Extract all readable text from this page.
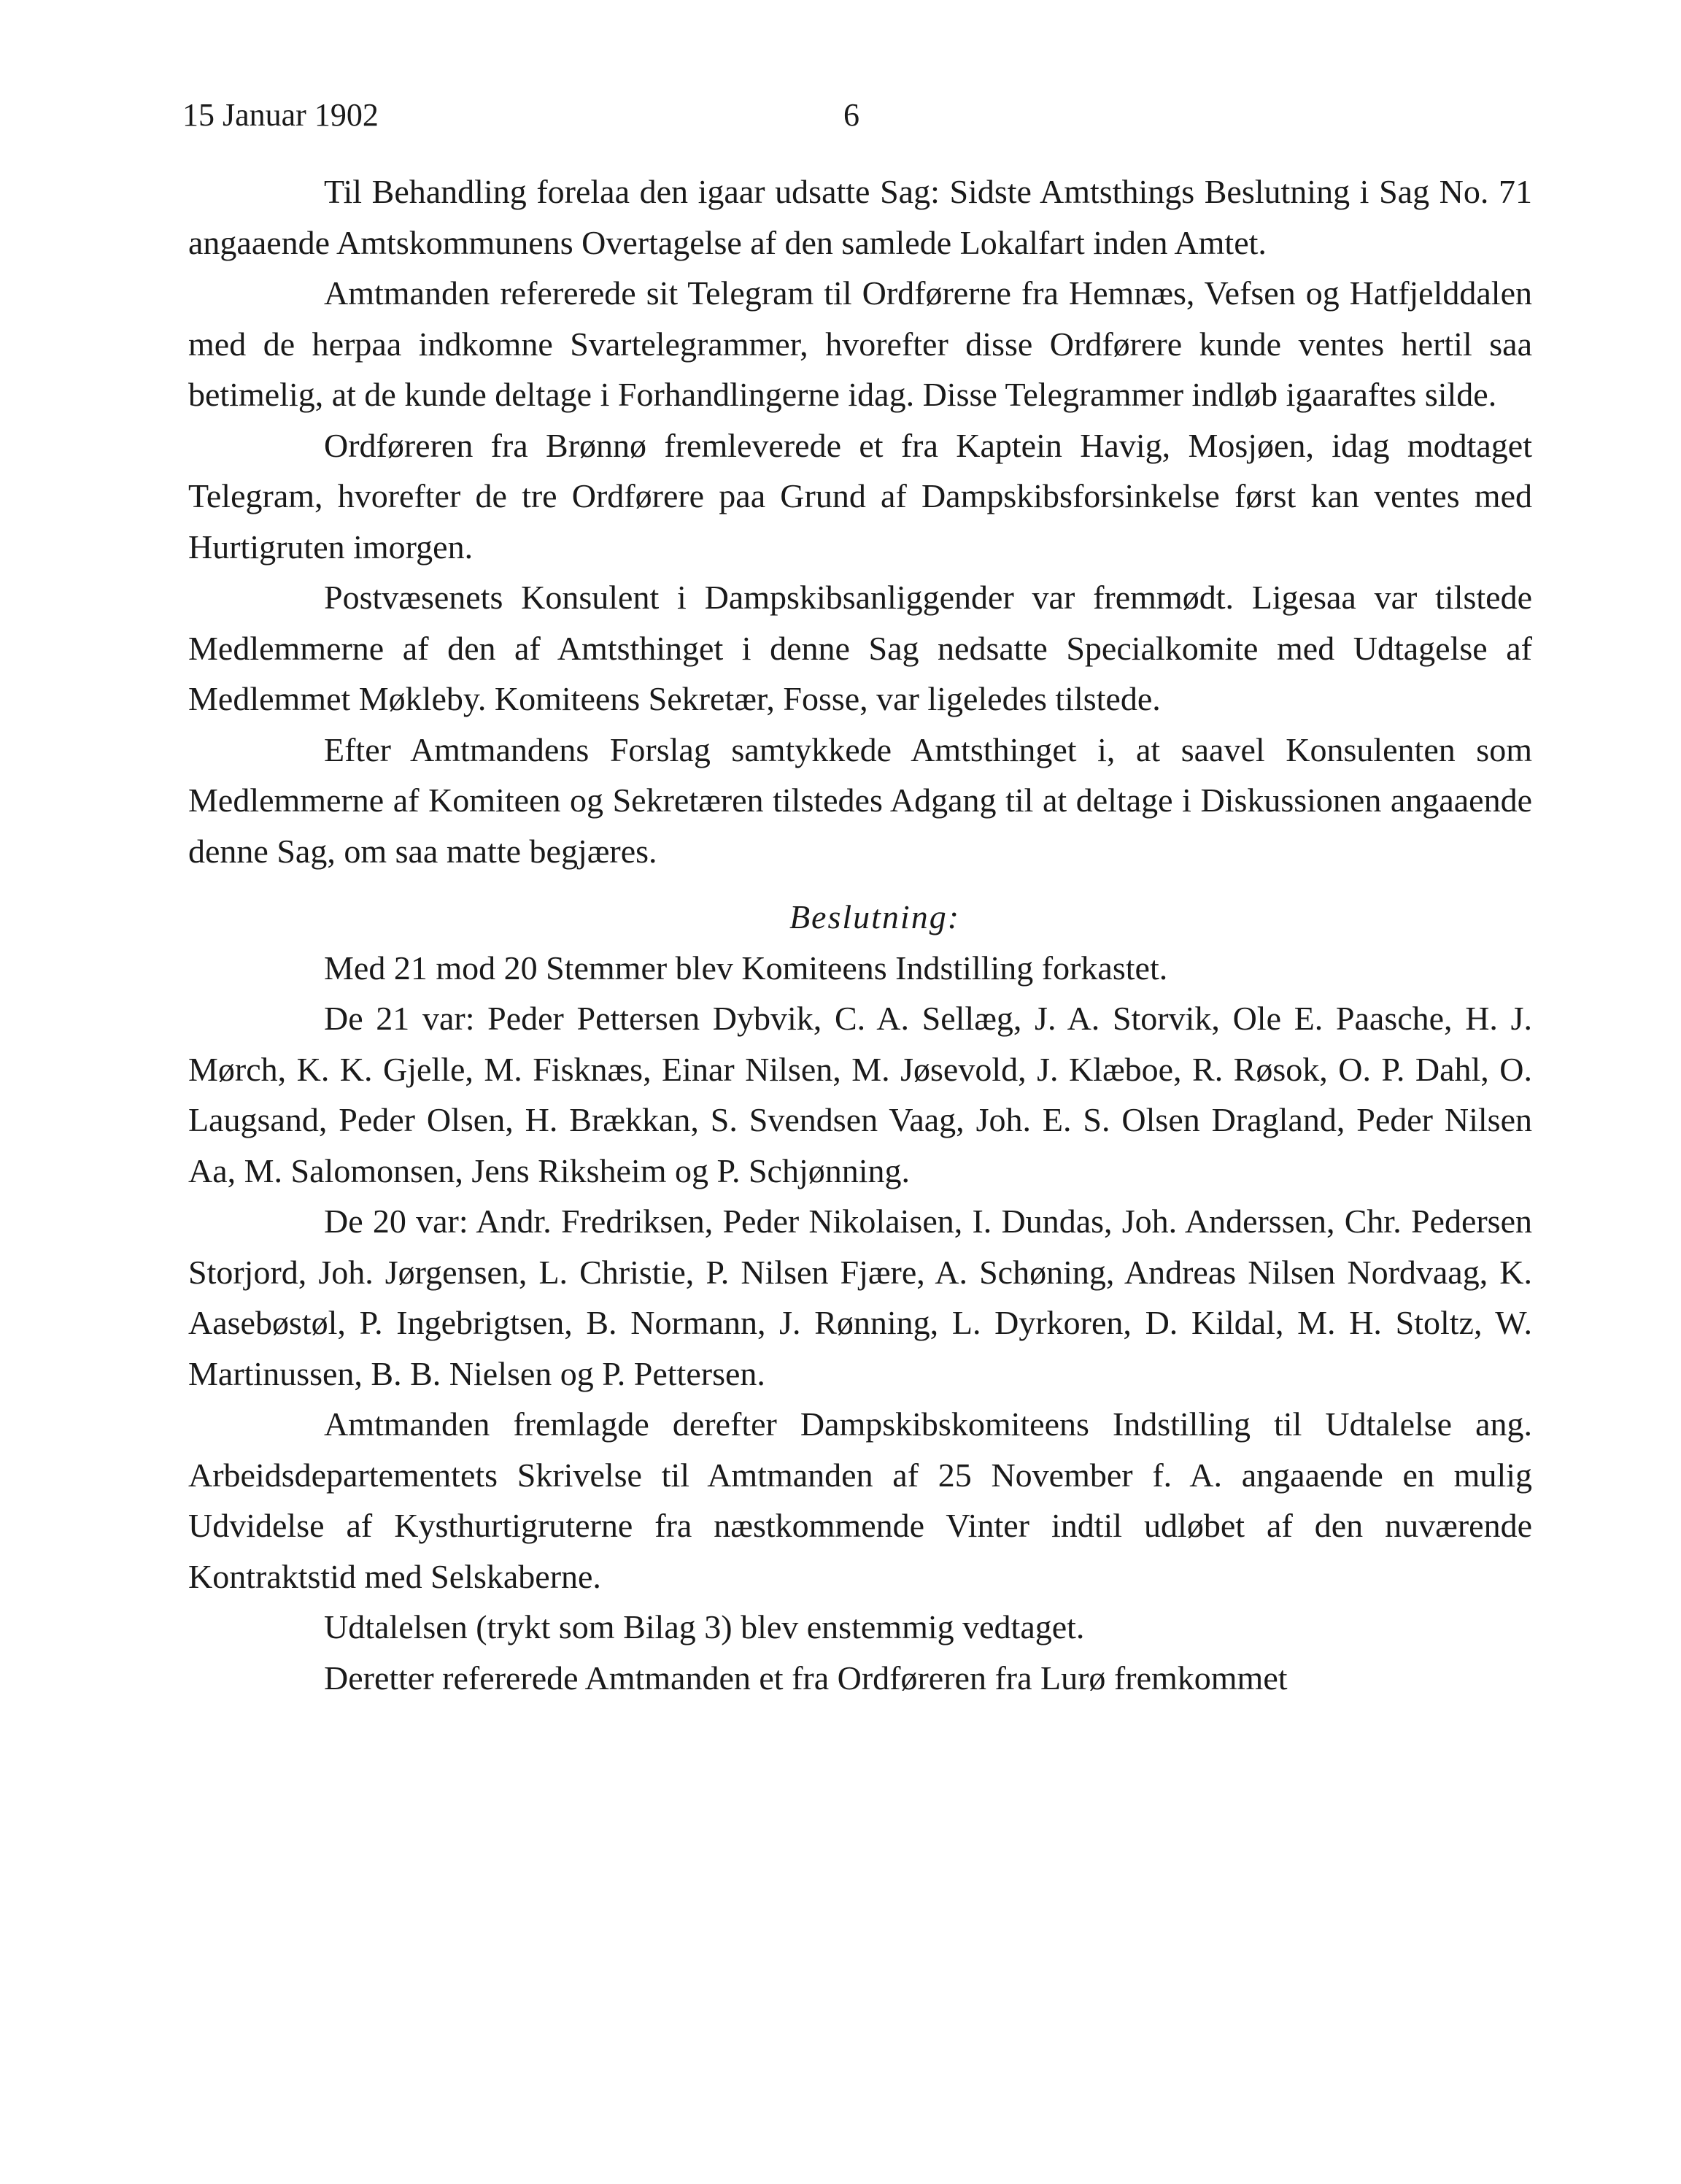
15 Januar 1902	6

Til Behandling forelaa den igaar udsatte Sag: Sidste Amtsthings Beslutning i Sag No. 71 angaaende Amtskommunens Overtagelse af den samlede Lokalfart inden Amtet.

Amtmanden refererede sit Telegram til Ordførerne fra Hemnæs, Vefsen og Hatfjelddalen med de herpaa indkomne Svartelegrammer, hvorefter disse Ordførere kunde ventes hertil saa betimelig, at de kunde deltage i Forhandlingerne idag. Disse Telegrammer indløb igaaraftes silde.

Ordføreren fra Brønnø fremleverede et fra Kaptein Havig, Mosjøen, idag modtaget Telegram, hvorefter de tre Ordførere paa Grund af Dampskibsforsinkelse først kan ventes med Hurtigruten imorgen.

Postvæsenets Konsulent i Dampskibsanliggender var fremmødt. Ligesaa var tilstede Medlemmerne af den af Amtsthinget i denne Sag nedsatte Specialkomite med Udtagelse af Medlemmet Møkleby. Komiteens Sekretær, Fosse, var ligeledes tilstede.

Efter Amtmandens Forslag samtykkede Amtsthinget i, at saavel Konsulenten som Medlemmerne af Komiteen og Sekretæren tilstedes Adgang til at deltage i Diskussionen angaaende denne Sag, om saa matte begjæres.

Beslutning:

Med 21 mod 20 Stemmer blev Komiteens Indstilling forkastet.

De 21 var: Peder Pettersen Dybvik, C. A. Sellæg, J. A. Storvik, Ole E. Paasche, H. J. Mørch, K. K. Gjelle, M. Fisknæs, Einar Nilsen, M. Jøsevold, J. Klæboe, R. Røsok, O. P. Dahl, O. Laugsand, Peder Olsen, H. Brækkan, S. Svendsen Vaag, Joh. E. S. Olsen Dragland, Peder Nilsen Aa, M. Salomonsen, Jens Riksheim og P. Schjønning.

De 20 var: Andr. Fredriksen, Peder Nikolaisen, I. Dundas, Joh. Anderssen, Chr. Pedersen Storjord, Joh. Jørgensen, L. Christie, P. Nilsen Fjære, A. Schøning, Andreas Nilsen Nordvaag, K. Aasebøstøl, P. Ingebrigtsen, B. Normann, J. Rønning, L. Dyrkoren, D. Kildal, M. H. Stoltz, W. Martinussen, B. B. Nielsen og P. Pettersen.

Amtmanden fremlagde derefter Dampskibskomiteens Indstilling til Udtalelse ang. Arbeidsdepartementets Skrivelse til Amtmanden af 25 November f. A. angaaende en mulig Udvidelse af Kysthurtigruterne fra næstkommende Vinter indtil udløbet af den nuværende Kontraktstid med Selskaberne.

Udtalelsen (trykt som Bilag 3) blev enstemmig vedtaget.

Deretter refererede Amtmanden et fra Ordføreren fra Lurø fremkommet
